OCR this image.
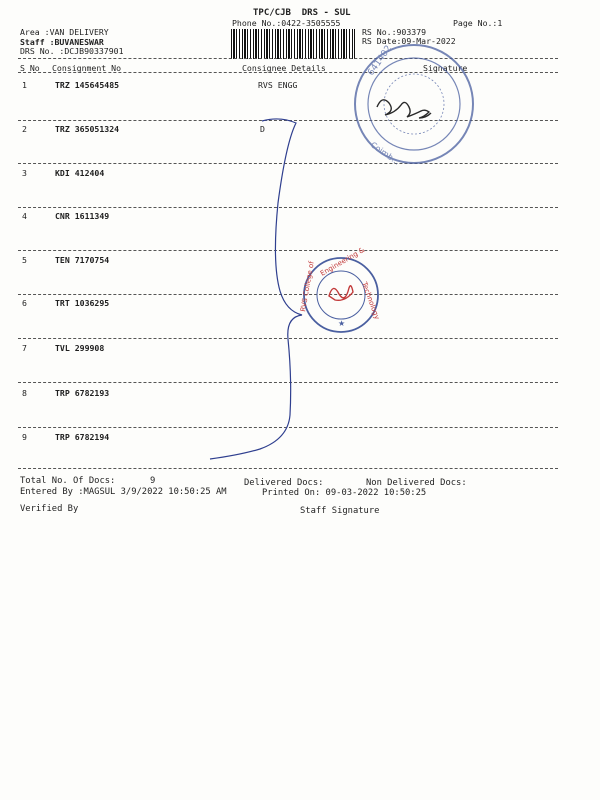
TPC/CJB  DRS - SUL
Phone No.:0422-3505555	Page No.:1
Area :VAN DELIVERY
Staff :BUVANESWAR
DRS No. :DCJB90337901
RS No.:903379
RS Date:09-Mar-2022
S No Consignment No	Consignee Details	Signature
1	TRZ 145645485	RVS ENGG
2	TRZ 365051324	D
3	KDI 412404
4	CNR 1611349
5	TEN 7170754
6	TRT 1036295
7	TVL 299908
8	TRP 6782193
9	TRP 6782194
Total No. Of Docs:	9	Delivered Docs:	Non Delivered Docs:
Entered By :MAGSUL 3/9/2022 10:50:25 AM	Printed On: 09-03-2022 10:50:25
Verified By	Staff Signature
641402
Coimb...
Engineering &
RVS College of	Technology
★
